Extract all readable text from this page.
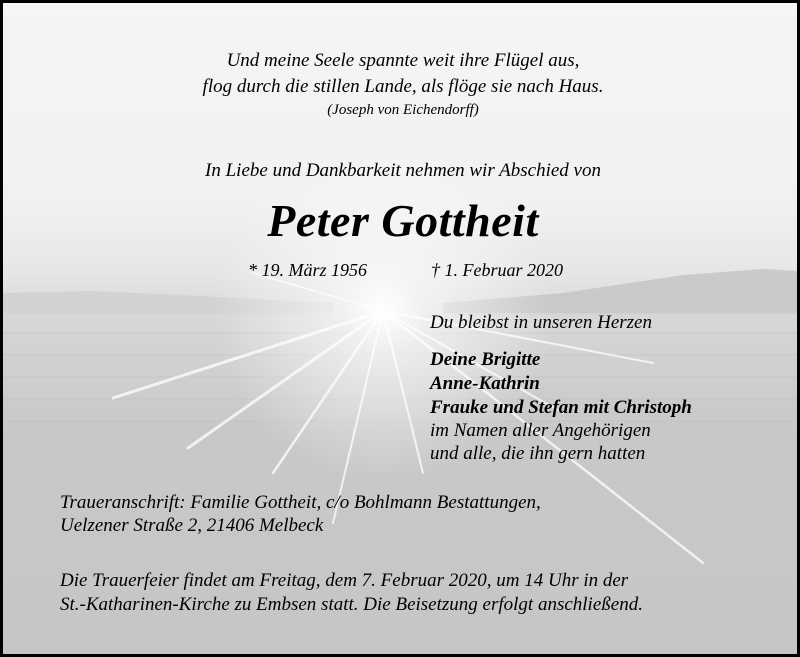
Und meine Seele spannte weit ihre Flügel aus,
flog durch die stillen Lande, als flöge sie nach Haus.
(Joseph von Eichendorff)
In Liebe und Dankbarkeit nehmen wir Abschied von
Peter Gottheit
* 19. März 1956	† 1. Februar 2020
Du bleibst in unseren Herzen
Deine Brigitte
Anne-Kathrin
Frauke und Stefan mit Christoph
im Namen aller Angehörigen
und alle, die ihn gern hatten
Traueranschrift: Familie Gottheit, c/o Bohlmann Bestattungen,
Uelzener Straße 2, 21406 Melbeck
Die Trauerfeier findet am Freitag, dem 7. Februar 2020, um 14 Uhr in der
St.-Katharinen-Kirche zu Embsen statt. Die Beisetzung erfolgt anschließend.
